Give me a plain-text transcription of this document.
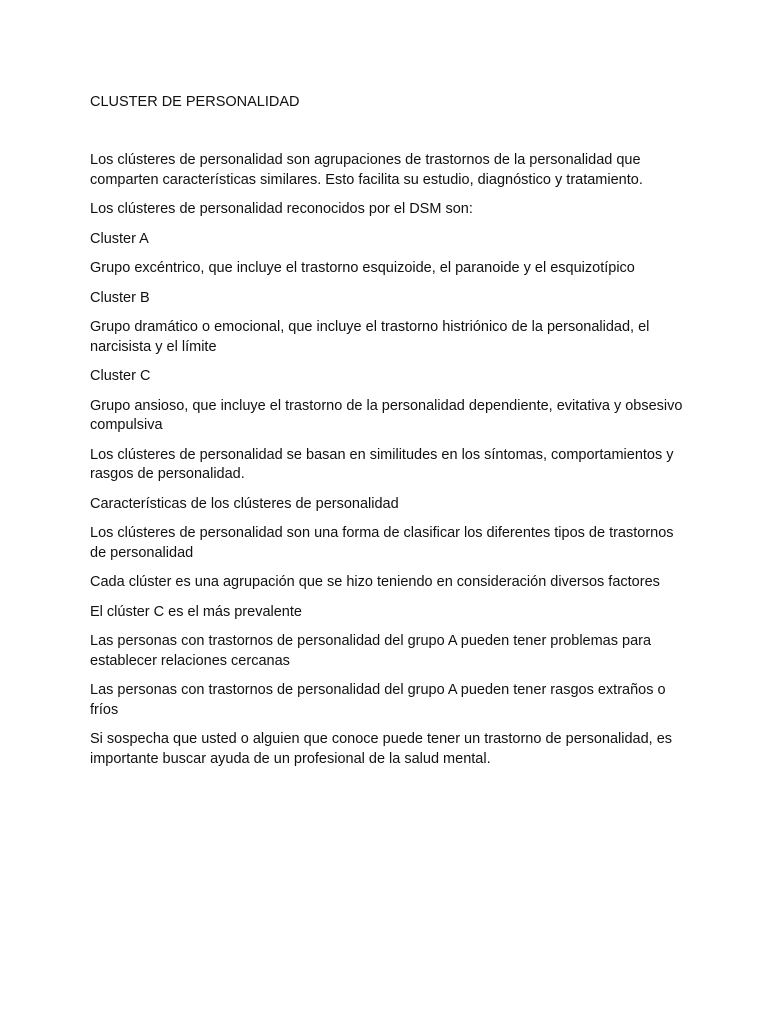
CLUSTER DE PERSONALIDAD

Los clústeres de personalidad son agrupaciones de trastornos de la personalidad que comparten características similares. Esto facilita su estudio, diagnóstico y tratamiento.

Los clústeres de personalidad reconocidos por el DSM son:

Cluster A

Grupo excéntrico, que incluye el trastorno esquizoide, el paranoide y el esquizotípico

Cluster B

Grupo dramático o emocional, que incluye el trastorno histriónico de la personalidad, el narcisista y el límite

Cluster C

Grupo ansioso, que incluye el trastorno de la personalidad dependiente, evitativa y obsesivo compulsiva

Los clústeres de personalidad se basan en similitudes en los síntomas, comportamientos y rasgos de personalidad.

Características de los clústeres de personalidad

Los clústeres de personalidad son una forma de clasificar los diferentes tipos de trastornos de personalidad

Cada clúster es una agrupación que se hizo teniendo en consideración diversos factores

El clúster C es el más prevalente

Las personas con trastornos de personalidad del grupo A pueden tener problemas para establecer relaciones cercanas

Las personas con trastornos de personalidad del grupo A pueden tener rasgos extraños o fríos

Si sospecha que usted o alguien que conoce puede tener un trastorno de personalidad, es importante buscar ayuda de un profesional de la salud mental.
